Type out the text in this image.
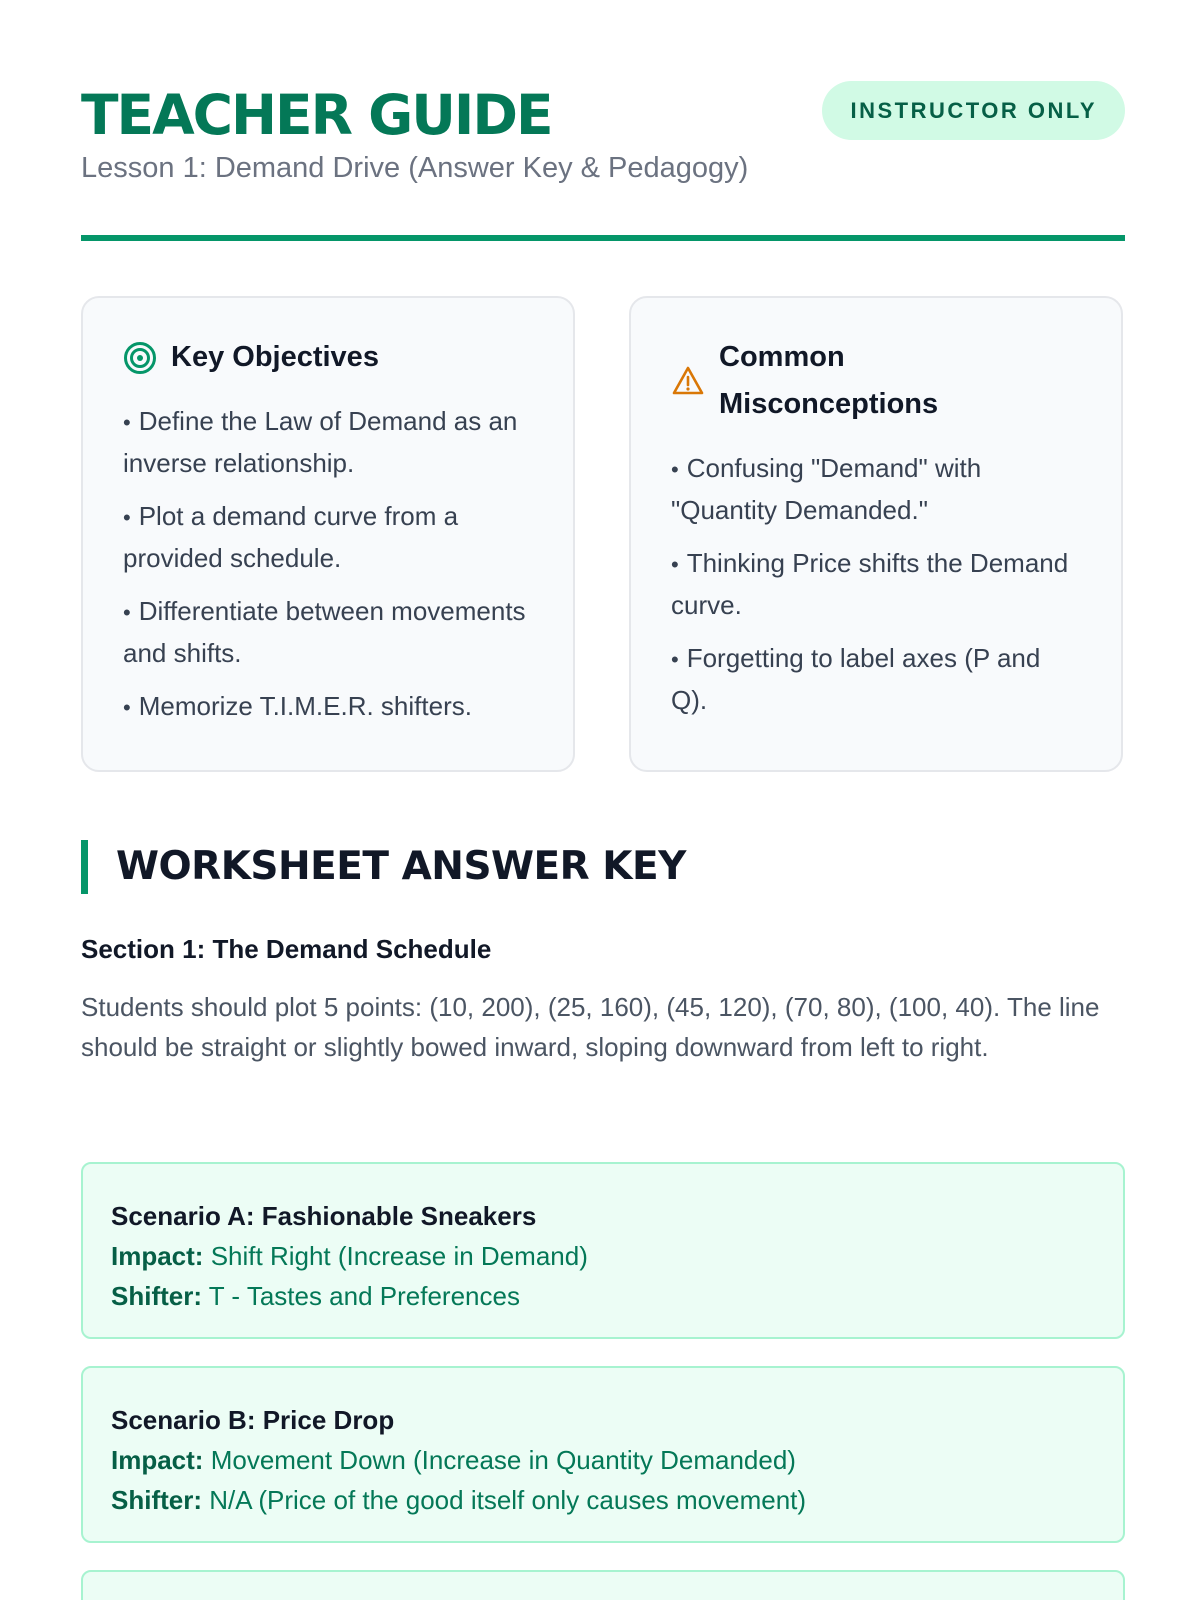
TEACHER GUIDE
Lesson 1: Demand Drive (Answer Key & Pedagogy)
INSTRUCTOR ONLY
Key Objectives
• Define the Law of Demand as an inverse relationship.
• Plot a demand curve from a provided schedule.
• Differentiate between movements and shifts.
• Memorize T.I.M.E.R. shifters.
Common Misconceptions
• Confusing "Demand" with "Quantity Demanded."
• Thinking Price shifts the Demand curve.
• Forgetting to label axes (P and Q).
WORKSHEET ANSWER KEY
Section 1: The Demand Schedule
Students should plot 5 points: (10, 200), (25, 160), (45, 120), (70, 80), (100, 40). The line should be straight or slightly bowed inward, sloping downward from left to right.
Scenario A: Fashionable Sneakers
Impact: Shift Right (Increase in Demand)
Shifter: T - Tastes and Preferences
Scenario B: Price Drop
Impact: Movement Down (Increase in Quantity Demanded)
Shifter: N/A (Price of the good itself only causes movement)
